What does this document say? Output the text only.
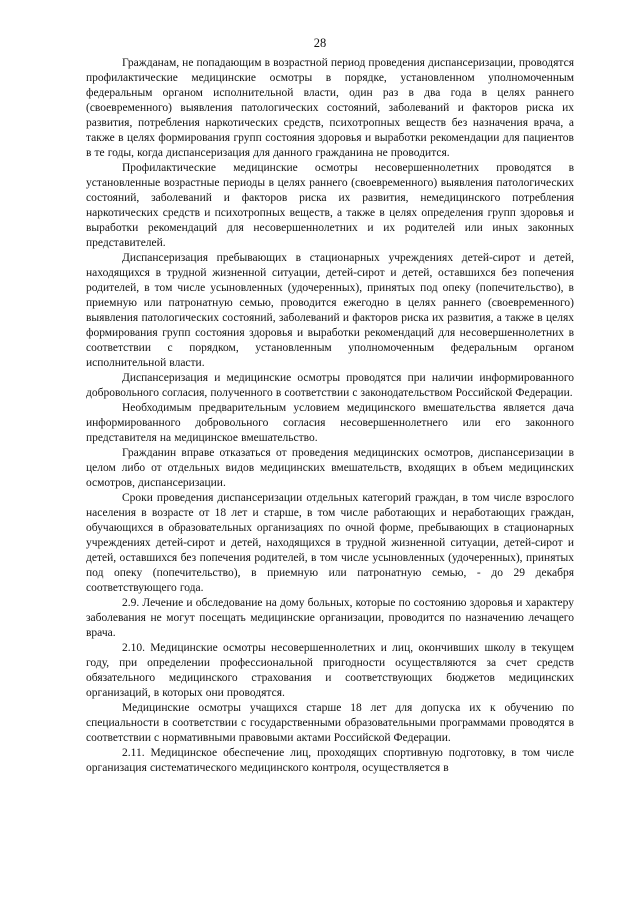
28

Гражданам, не попадающим в возрастной период проведения диспансеризации, проводятся профилактические медицинские осмотры в порядке, установленном уполномоченным федеральным органом исполнительной власти, один раз в два года в целях раннего (своевременного) выявления патологических состояний, заболеваний и факторов риска их развития, потребления наркотических средств, психотропных веществ без назначения врача, а также в целях формирования групп состояния здоровья и выработки рекомендации для пациентов в те годы, когда диспансеризация для данного гражданина не проводится.

Профилактические медицинские осмотры несовершеннолетних проводятся в установленные возрастные периоды в целях раннего (своевременного) выявления патологических состояний, заболеваний и факторов риска их развития, немедицинского потребления наркотических средств и психотропных веществ, а также в целях определения групп здоровья и выработки рекомендаций для несовершеннолетних и их родителей или иных законных представителей.

Диспансеризация пребывающих в стационарных учреждениях детей-сирот и детей, находящихся в трудной жизненной ситуации, детей-сирот и детей, оставшихся без попечения родителей, в том числе усыновленных (удочеренных), принятых под опеку (попечительство), в приемную или патронатную семью, проводится ежегодно в целях раннего (своевременного) выявления патологических состояний, заболеваний и факторов риска их развития, а также в целях формирования групп состояния здоровья и выработки рекомендаций для несовершеннолетних в соответствии с порядком, установленным уполномоченным федеральным органом исполнительной власти.

Диспансеризация и медицинские осмотры проводятся при наличии информированного добровольного согласия, полученного в соответствии с законодательством Российской Федерации.

Необходимым предварительным условием медицинского вмешательства является дача информированного добровольного согласия несовершеннолетнего или его законного представителя на медицинское вмешательство.

Гражданин вправе отказаться от проведения медицинских осмотров, диспансеризации в целом либо от отдельных видов медицинских вмешательств, входящих в объем медицинских осмотров, диспансеризации.

Сроки проведения диспансеризации отдельных категорий граждан, в том числе взрослого населения в возрасте от 18 лет и старше, в том числе работающих и неработающих граждан, обучающихся в образовательных организациях по очной форме, пребывающих в стационарных учреждениях детей-сирот и детей, находящихся в трудной жизненной ситуации, детей-сирот и детей, оставшихся без попечения родителей, в том числе усыновленных (удочеренных), принятых под опеку (попечительство), в приемную или патронатную семью, - до 29 декабря соответствующего года.

2.9. Лечение и обследование на дому больных, которые по состоянию здоровья и характеру заболевания не могут посещать медицинские организации, проводится по назначению лечащего врача.

2.10. Медицинские осмотры несовершеннолетних и лиц, окончивших школу в текущем году, при определении профессиональной пригодности осуществляются за счет средств обязательного медицинского страхования и соответствующих бюджетов медицинских организаций, в которых они проводятся.

Медицинские осмотры учащихся старше 18 лет для допуска их к обучению по специальности в соответствии с государственными образовательными программами проводятся в соответствии с нормативными правовыми актами Российской Федерации.

2.11. Медицинское обеспечение лиц, проходящих спортивную подготовку, в том числе организация систематического медицинского контроля, осуществляется в
